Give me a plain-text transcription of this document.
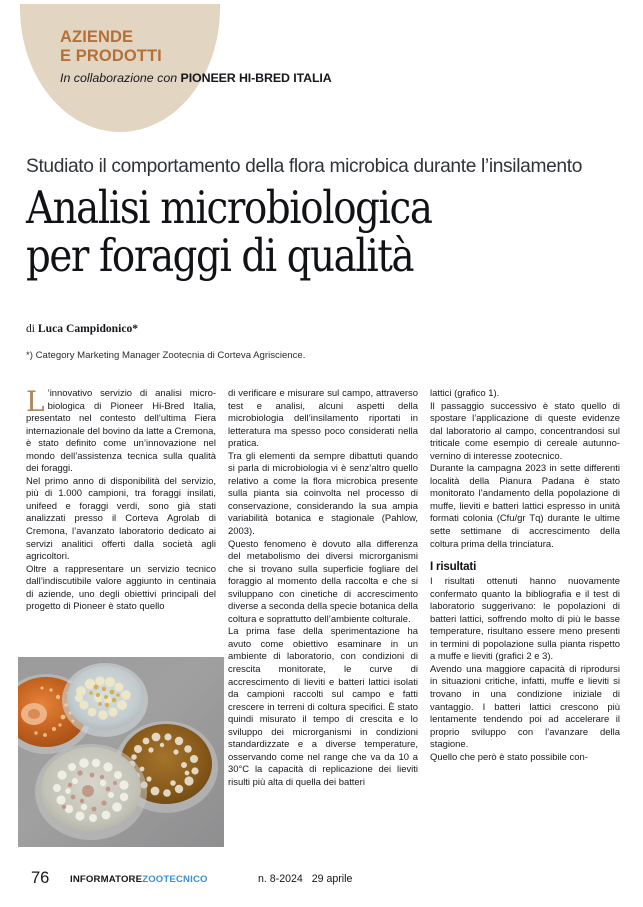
AZIENDE
E PRODOTTI
In collaborazione con PIONEER HI-BRED ITALIA

Studiato il comportamento della flora microbica durante l’insilamento

Analisi microbiologica
per foraggi di qualità
di Luca Campidonico*
*) Category Marketing Manager Zootecnia di Corteva Agriscience.

L ’innovativo servizio di analisi micro-biologica di Pioneer Hi-Bred Italia, presentato nel contesto dell’ultima Fiera internazionale del bovino da latte a Cremona, è stato definito come un’innovazione nel mondo dell’assistenza tecnica sulla qualità dei foraggi.

Nel primo anno di disponibilità del servizio, più di 1.000 campioni, tra foraggi insilati, unifeed e foraggi verdi, sono già stati analizzati presso il Corteva Agrolab di Cremona, l’avanzato laboratorio dedicato ai servizi analitici offerti dalla società agli agricoltori.

Oltre a rappresentare un servizio tecnico dall’indiscutibile valore aggiunto in centinaia di aziende, uno degli obiettivi principali del progetto di Pioneer è stato quello

di verificare e misurare sul campo, attraverso test e analisi, alcuni aspetti della microbiologia dell’insilamento riportati in letteratura ma spesso poco considerati nella pratica.

Tra gli elementi da sempre dibattuti quando si parla di microbiologia vi è senz’altro quello relativo a come la flora microbica presente sulla pianta sia coinvolta nel processo di conservazione, considerando la sua ampia variabilità botanica e stagionale (Pahlow, 2003).

Questo fenomeno è dovuto alla differenza del metabolismo dei diversi microrganismi che si trovano sulla superficie fogliare del foraggio al momento della raccolta e che si sviluppano con cinetiche di accrescimento diverse a seconda della specie botanica della coltura e soprattutto dell’ambiente colturale.

La prima fase della sperimentazione ha avuto come obiettivo esaminare in un ambiente di laboratorio, con condizioni di crescita monitorate, le curve di accrescimento di lieviti e batteri lattici isolati da campioni raccolti sul campo e fatti crescere in terreni di coltura specifici. È stato quindi misurato il tempo di crescita e lo sviluppo dei microrganismi in condizioni standardizzate e a diverse temperature, osservando come nel range che va da 10 a 30°C la capacità di replicazione dei lieviti risulti più alta di quella dei batteri

lattici (grafico 1).

Il passaggio successivo è stato quello di spostare l’applicazione di queste evidenze dal laboratorio al campo, concentrandosi sul triticale come esempio di cereale autunno-vernino di interesse zootecnico.

Durante la campagna 2023 in sette differenti località della Pianura Padana è stato monitorato l’andamento della popolazione di muffe, lieviti e batteri lattici espresso in unità formati colonia (Cfu/gr Tq) durante le ultime sette settimane di accrescimento della coltura prima della trinciatura.

I risultati

I risultati ottenuti hanno nuovamente confermato quanto la bibliografia e il test di laboratorio suggerivano: le popolazioni di batteri lattici, soffrendo molto di più le basse temperature, risultano essere meno presenti in termini di popolazione sulla pianta rispetto a muffe e lieviti (grafici 2 e 3).

Avendo una maggiore capacità di riprodursi in situazioni critiche, infatti, muffe e lieviti si trovano in una condizione iniziale di vantaggio. I batteri lattici crescono più lentamente tendendo poi ad accelerare il proprio sviluppo con l’avanzare della stagione.

Quello che però è stato possibile con-

76 INFORMATOREZOOTECNICO	n. 8-2024 29 aprile
